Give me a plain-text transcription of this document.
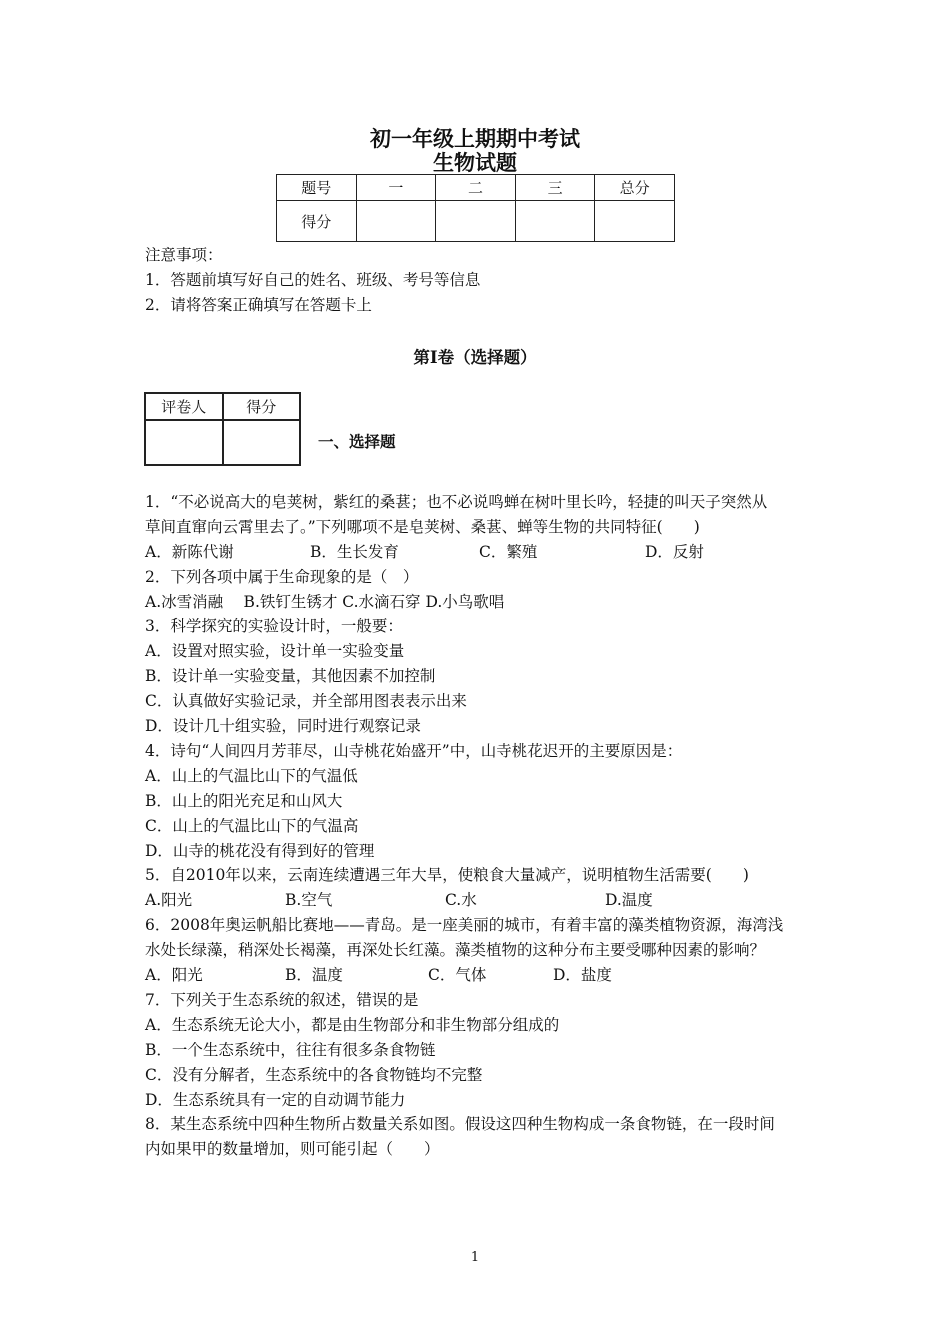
初一年级上期期中考试
生物试题
题号	一	二	三	总分
得分				
注意事项：
1．答题前填写好自己的姓名、班级、考号等信息
2．请将答案正确填写在答题卡上
第I卷（选择题）
评卷人	得分

一、选择题
1．“不必说高大的皂荚树，紫红的桑葚；也不必说鸣蝉在树叶里长吟，轻捷的叫天子突然从
草间直窜向云霄里去了。”下列哪项不是皂荚树、桑葚、蝉等生物的共同特征(　　)
A．新陈代谢	B．生长发育	C．繁殖	D．反射
2．下列各项中属于生命现象的是（　）
A.冰雪消融　 B.铁钉生锈才 C.水滴石穿 D.小鸟歌唱
3．科学探究的实验设计时，一般要：
A．设置对照实验，设计单一实验变量
B．设计单一实验变量，其他因素不加控制
C．认真做好实验记录，并全部用图表表示出来
D．设计几十组实验，同时进行观察记录
4．诗句“人间四月芳菲尽，山寺桃花始盛开”中，山寺桃花迟开的主要原因是：
A．山上的气温比山下的气温低
B．山上的阳光充足和山风大
C．山上的气温比山下的气温高
D．山寺的桃花没有得到好的管理
5．自2010年以来，云南连续遭遇三年大旱，使粮食大量减产，说明植物生活需要(　　)
A.阳光	B.空气	C.水	D.温度
6．2008年奥运帆船比赛地——青岛。是一座美丽的城市，有着丰富的藻类植物资源，海湾浅
水处长绿藻，稍深处长褐藻，再深处长红藻。藻类植物的这种分布主要受哪种因素的影响？
A．阳光	B．温度	C．气体	D．盐度
7．下列关于生态系统的叙述，错误的是
A．生态系统无论大小，都是由生物部分和非生物部分组成的
B．一个生态系统中，往往有很多条食物链
C．没有分解者，生态系统中的各食物链均不完整
D．生态系统具有一定的自动调节能力
8．某生态系统中四种生物所占数量关系如图。假设这四种生物构成一条食物链，在一段时间
内如果甲的数量增加，则可能引起（　　）
1
